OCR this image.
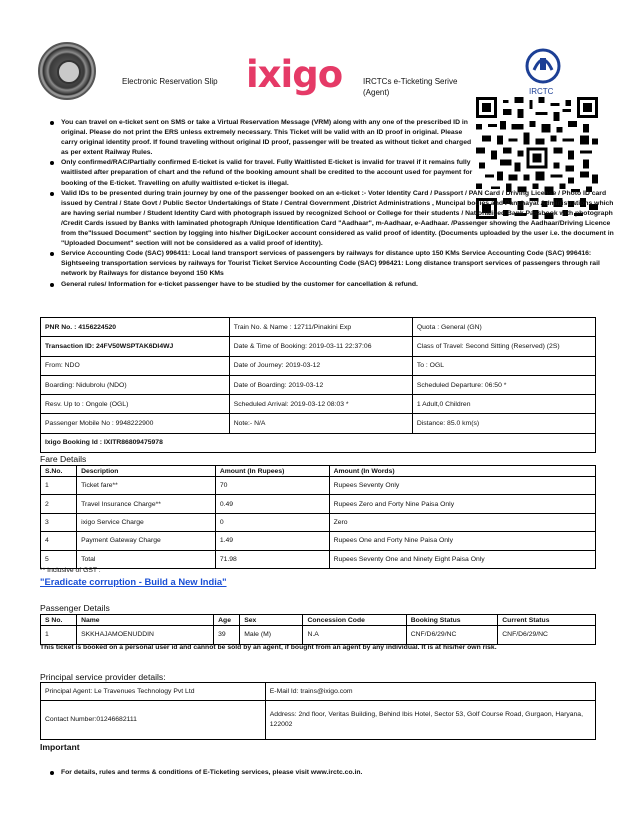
Electronic Reservation Slip ixigo	IRCTCs e-Ticketing Serive (Agent)	IRCTC
You can travel on e-ticket sent on SMS or take a Virtual Reservation Message (VRM) along with any one of the prescribed ID in original. Please do not print the ERS unless extremely necessary. This Ticket will be valid with an ID proof in original. Please carry original identity proof. If found traveling without original ID proof, passenger will be treated as without ticket and charged as per extent Railway Rules.
Only confirmed/RAC/Partially confirmed E-ticket is valid for travel. Fully Waitlisted E-ticket is invalid for travel if it remains fully waitlisted after preparation of chart and the refund of the booking amount shall be credited to the account used for payment for booking of the E-ticket. Travelling on afully waitlisted e-ticket is illegal.
Valid IDs to be presented during train journey by one of the passenger booked on an e-ticket :- Voter Identity Card / Passport / PAN Card / Driving License / Photo ID card issued by Central / State Govt / Public Sector Undertakings of State / Central Government ,District Administrations , Muncipal bodies and Panchayat Administrations which are having serial number / Student Identity Card with photograph issued by recognized School or College for their students / Nationalized Bank Passbook with photograph /Credit Cards issued by Banks with laminated photograph /Unique Identification Card "Aadhaar", m-Aadhaar, e-Aadhaar. /Passenger showing the Aadhaar/Driving Licence from the"Issued Document" section by logging into his/her DigiLocker account considered as valid proof of identity. (Documents uploaded by the user i.e. the document in "Uploaded Document" section will not be considered as a valid proof of identity).
Service Accounting Code (SAC) 996411: Local land transport services of passengers by railways for distance upto 150 KMs Service Accounting Code (SAC) 996416: Sightseeing transportation services by railways for Tourist Ticket Service Accounting Code (SAC) 996421: Long distance transport services of passengers through rail network by Railways for distance beyond 150 KMs
General rules/ Information for e-ticket passenger have to be studied by the customer for cancellation & refund.
PNR No. : 4156224520	Train No. & Name : 12711/Pinakini Exp	Quota : General (GN)
Transaction ID: 24FV50WSPTAK6DI4WJ	Date & Time of Booking: 2019-03-11 22:37:06	Class of Travel: Second Sitting (Reserved) (2S)
From: NDO	Date of Journey: 2019-03-12	To : OGL
Boarding: Nidubrolu (NDO)	Date of Boarding: 2019-03-12	Scheduled Departure: 06:50 *
Resv. Up to : Ongole (OGL)	Scheduled Arrival: 2019-03-12 08:03 *	1 Adult,0 Children
Passenger Mobile No : 9948222900	Note:- N/A	Distance: 85.0 km(s)
Ixigo Booking Id : IXITR86809475978		
Fare Details
S.No.	Description	Amount (In Rupees)	Amount (In Words)
1	Ticket fare**	70	Rupees Seventy Only
2	Travel Insurance Charge**	0.49	Rupees Zero and Forty Nine Paisa Only
3	ixigo Service Charge	0	Zero
4	Payment Gateway Charge	1.49	Rupees One and Forty Nine Paisa Only
5	Total	71.98	Rupees Seventy One and Ninety Eight Paisa Only
** Inclusive of GST :
"Eradicate corruption - Build a New India"
Passenger Details
S No.	Name	Age	Sex	Concession Code	Booking Status	Current Status
1	SKKHAJAMOENUDDIN	39	Male (M)	N.A	CNF/D6/29/NC	CNF/D6/29/NC
This ticket is booked on a personal user id and cannot be sold by an agent, if bought from an agent by any individual. It is at his/her own risk.
Principal service provider details:
Principal Agent: Le Travenues Technology Pvt Ltd	E-Mail Id: trains@ixigo.com
Contact Number:01246682111	Address: 2nd floor, Veritas Building, Behind Ibis Hotel, Sector 53, Golf Course Road, Gurgaon, Haryana, 122002
Important
For details, rules and terms & conditions of E-Ticketing services, please visit www.irctc.co.in.
